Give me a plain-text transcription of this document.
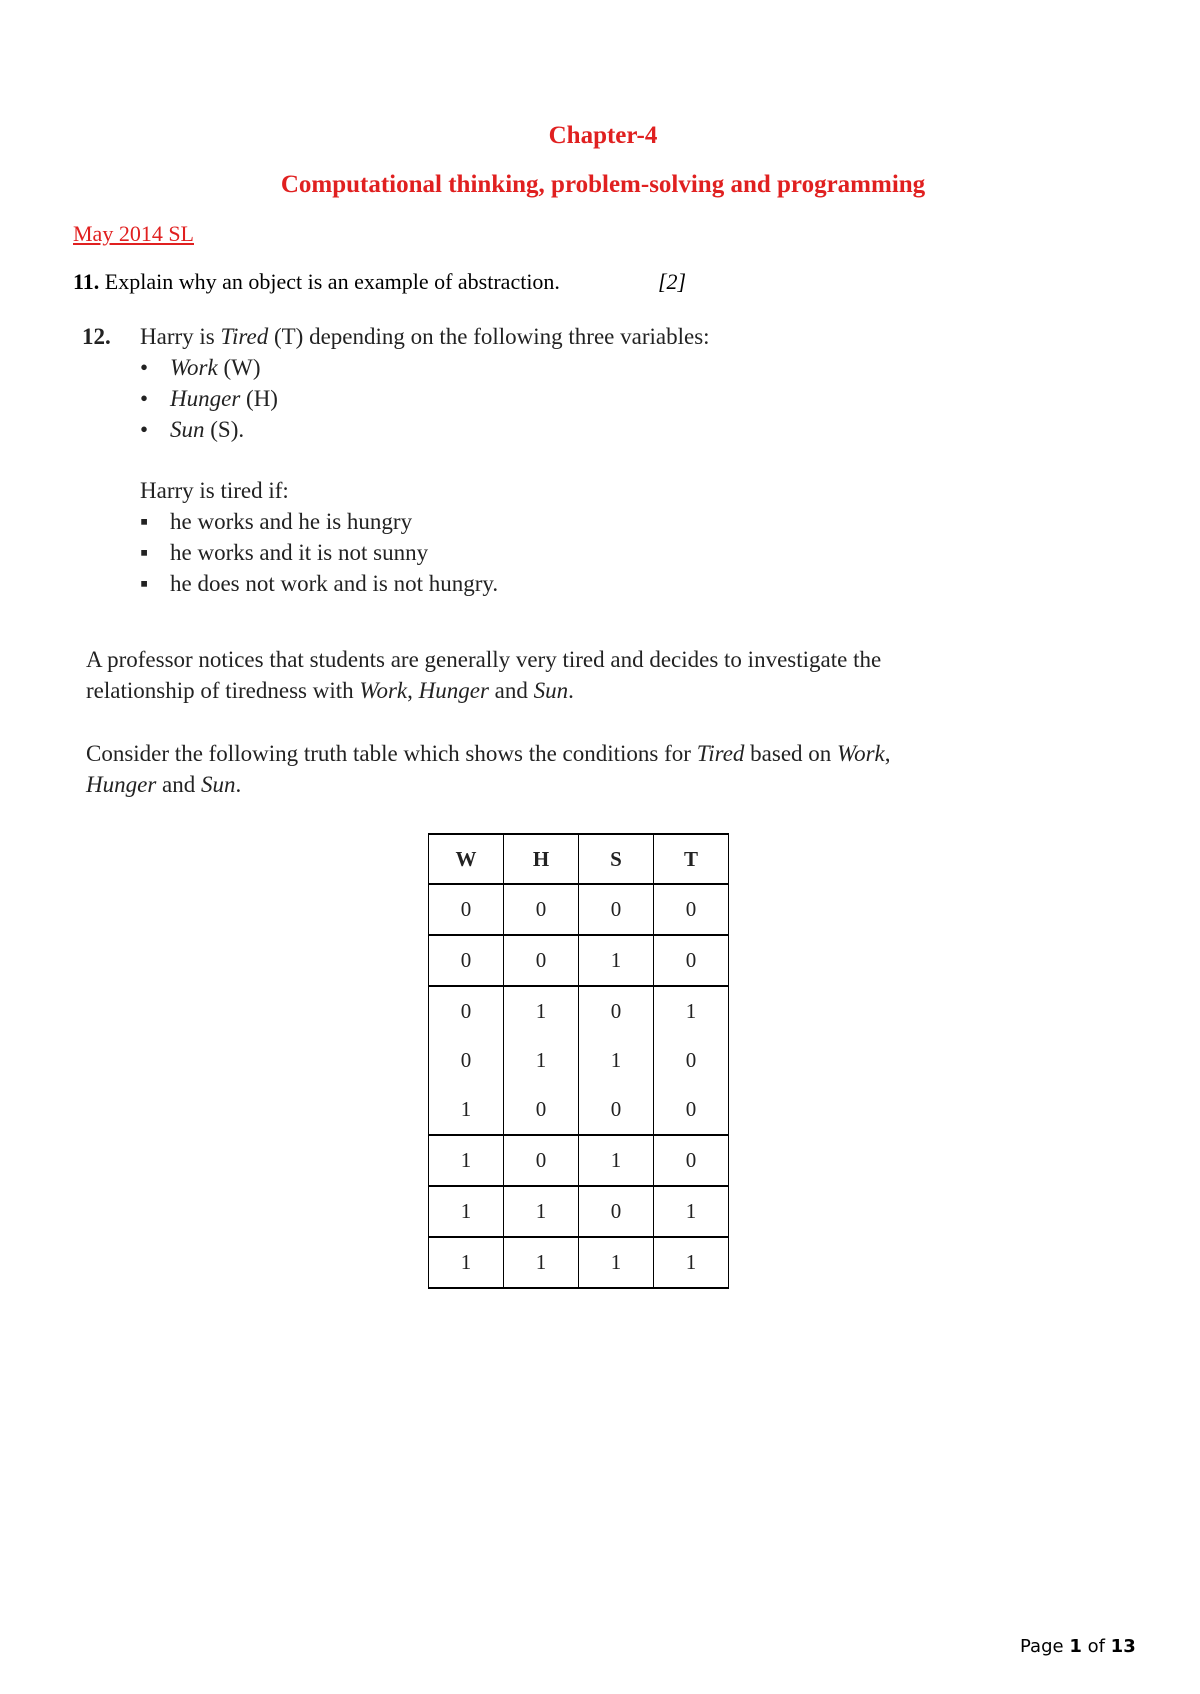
Chapter-4
Computational thinking, problem-solving and programming
May 2014 SL
11. Explain why an object is an example of abstraction.	[2]
12. Harry is Tired (T) depending on the following three variables:
• Work (W)
• Hunger (H)
• Sun (S).
Harry is tired if:
▪ he works and he is hungry
▪ he works and it is not sunny
▪ he does not work and is not hungry.
A professor notices that students are generally very tired and decides to investigate the
relationship of tiredness with Work, Hunger and Sun.
Consider the following truth table which shows the conditions for Tired based on Work,
Hunger and Sun.
W	H	S	T
0	0	0	0
0	0	1	0
0	1	0	1
0	1	1	0
1	0	0	0
1	0	1	0
1	1	0	1
1	1	1	1
Page 1 of 13
